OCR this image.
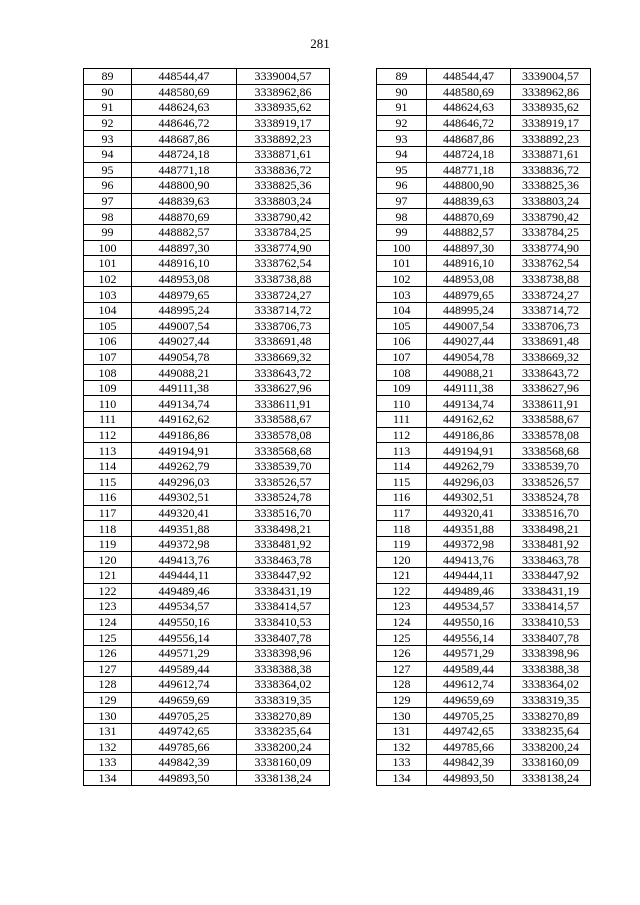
281
89	448544,47	3339004,57
90	448580,69	3338962,86
91	448624,63	3338935,62
92	448646,72	3338919,17
93	448687,86	3338892,23
94	448724,18	3338871,61
95	448771,18	3338836,72
96	448800,90	3338825,36
97	448839,63	3338803,24
98	448870,69	3338790,42
99	448882,57	3338784,25
100	448897,30	3338774,90
101	448916,10	3338762,54
102	448953,08	3338738,88
103	448979,65	3338724,27
104	448995,24	3338714,72
105	449007,54	3338706,73
106	449027,44	3338691,48
107	449054,78	3338669,32
108	449088,21	3338643,72
109	449111,38	3338627,96
110	449134,74	3338611,91
111	449162,62	3338588,67
112	449186,86	3338578,08
113	449194,91	3338568,68
114	449262,79	3338539,70
115	449296,03	3338526,57
116	449302,51	3338524,78
117	449320,41	3338516,70
118	449351,88	3338498,21
119	449372,98	3338481,92
120	449413,76	3338463,78
121	449444,11	3338447,92
122	449489,46	3338431,19
123	449534,57	3338414,57
124	449550,16	3338410,53
125	449556,14	3338407,78
126	449571,29	3338398,96
127	449589,44	3338388,38
128	449612,74	3338364,02
129	449659,69	3338319,35
130	449705,25	3338270,89
131	449742,65	3338235,64
132	449785,66	3338200,24
133	449842,39	3338160,09
134	449893,50	3338138,24
89	448544,47	3339004,57
90	448580,69	3338962,86
91	448624,63	3338935,62
92	448646,72	3338919,17
93	448687,86	3338892,23
94	448724,18	3338871,61
95	448771,18	3338836,72
96	448800,90	3338825,36
97	448839,63	3338803,24
98	448870,69	3338790,42
99	448882,57	3338784,25
100	448897,30	3338774,90
101	448916,10	3338762,54
102	448953,08	3338738,88
103	448979,65	3338724,27
104	448995,24	3338714,72
105	449007,54	3338706,73
106	449027,44	3338691,48
107	449054,78	3338669,32
108	449088,21	3338643,72
109	449111,38	3338627,96
110	449134,74	3338611,91
111	449162,62	3338588,67
112	449186,86	3338578,08
113	449194,91	3338568,68
114	449262,79	3338539,70
115	449296,03	3338526,57
116	449302,51	3338524,78
117	449320,41	3338516,70
118	449351,88	3338498,21
119	449372,98	3338481,92
120	449413,76	3338463,78
121	449444,11	3338447,92
122	449489,46	3338431,19
123	449534,57	3338414,57
124	449550,16	3338410,53
125	449556,14	3338407,78
126	449571,29	3338398,96
127	449589,44	3338388,38
128	449612,74	3338364,02
129	449659,69	3338319,35
130	449705,25	3338270,89
131	449742,65	3338235,64
132	449785,66	3338200,24
133	449842,39	3338160,09
134	449893,50	3338138,24
